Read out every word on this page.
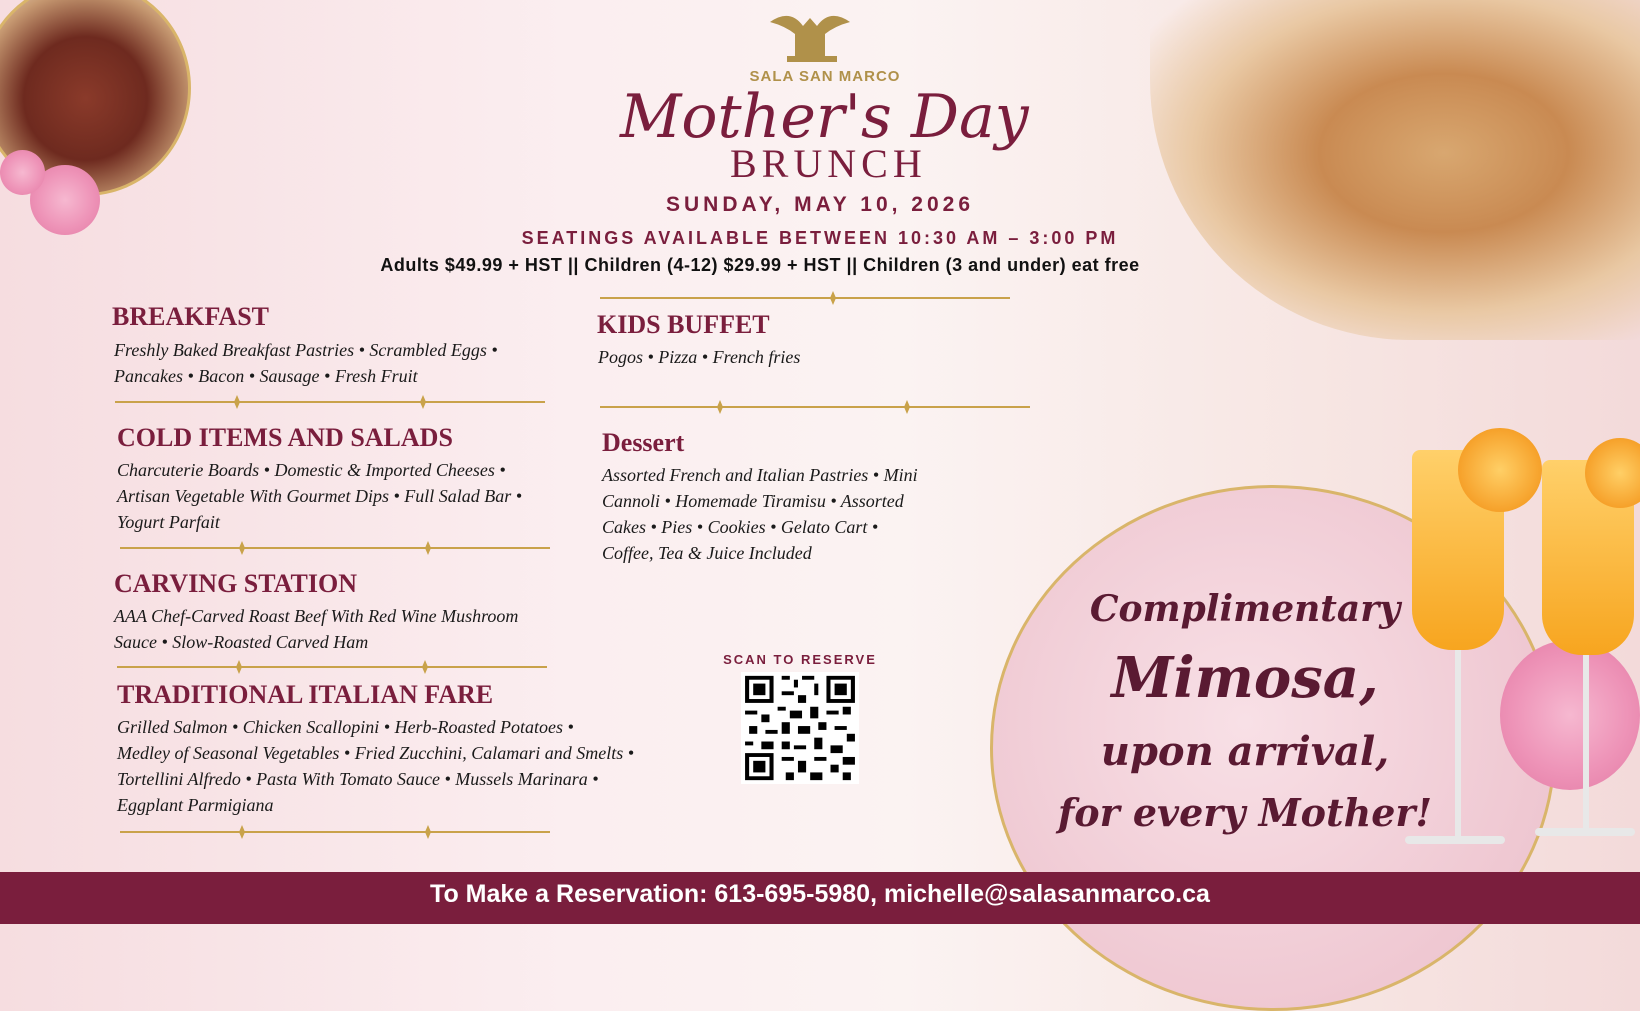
Complimentary
Mimosa,
upon arrival,
for every Mother!
SALA SAN MARCO
Mother's Day
BRUNCH
SUNDAY, MAY 10, 2026
SEATINGS AVAILABLE BETWEEN 10:30 AM – 3:00 PM
Adults $49.99 + HST || Children (4-12) $29.99 + HST || Children (3 and under) eat free
BREAKFAST
Freshly Baked Breakfast Pastries • Scrambled Eggs •
Pancakes • Bacon • Sausage • Fresh Fruit
COLD ITEMS AND SALADS
Charcuterie Boards • Domestic & Imported Cheeses •
Artisan Vegetable With Gourmet Dips • Full Salad Bar •
Yogurt Parfait
CARVING STATION
AAA Chef-Carved Roast Beef With Red Wine Mushroom
Sauce • Slow-Roasted Carved Ham
TRADITIONAL ITALIAN FARE
Grilled Salmon • Chicken Scallopini • Herb-Roasted Potatoes •
Medley of Seasonal Vegetables • Fried Zucchini, Calamari and Smelts •
Tortellini Alfredo • Pasta With Tomato Sauce • Mussels Marinara •
Eggplant Parmigiana
KIDS BUFFET
Pogos • Pizza • French fries
Dessert
Assorted French and Italian Pastries • Mini
Cannoli • Homemade Tiramisu • Assorted
Cakes • Pies • Cookies • Gelato Cart •
Coffee, Tea & Juice Included
SCAN TO RESERVE
To Make a Reservation: 613-695-5980, michelle@salasanmarco.ca
